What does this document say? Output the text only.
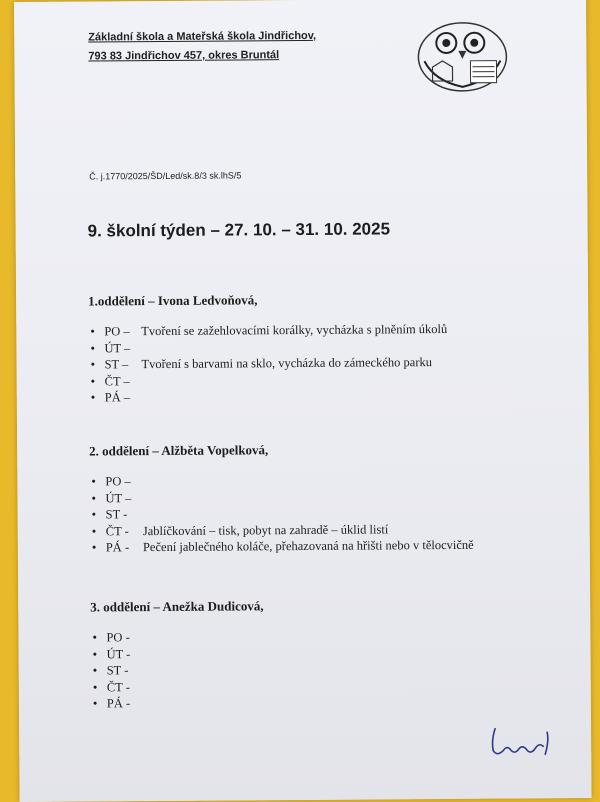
Základní škola a Mateřská škola Jindřichov,
793 83 Jindřichov 457, okres Bruntál
Č. j.1770/2025/ŠD/Led/sk.8/3 sk.lhS/5
9. školní týden – 27. 10. – 31. 10. 2025
1.oddělení – Ivona Ledvoňová,
• PO – Tvoření se zažehlovacími korálky, vycházka s plněním úkolů
• ÚT –
• ST – Tvoření s barvami na sklo, vycházka do zámeckého parku
• ČT –
• PÁ –
2. oddělení – Alžběta Vopelková,
• PO –
• ÚT –
• ST -
• ČT - Jablíčkování – tisk, pobyt na zahradě – úklid listí
• PÁ - Pečení jablečného koláče, přehazovaná na hřišti nebo v tělocvičně
3. oddělení – Anežka Dudicová,
• PO -
• ÚT -
• ST -
• ČT -
• PÁ -
